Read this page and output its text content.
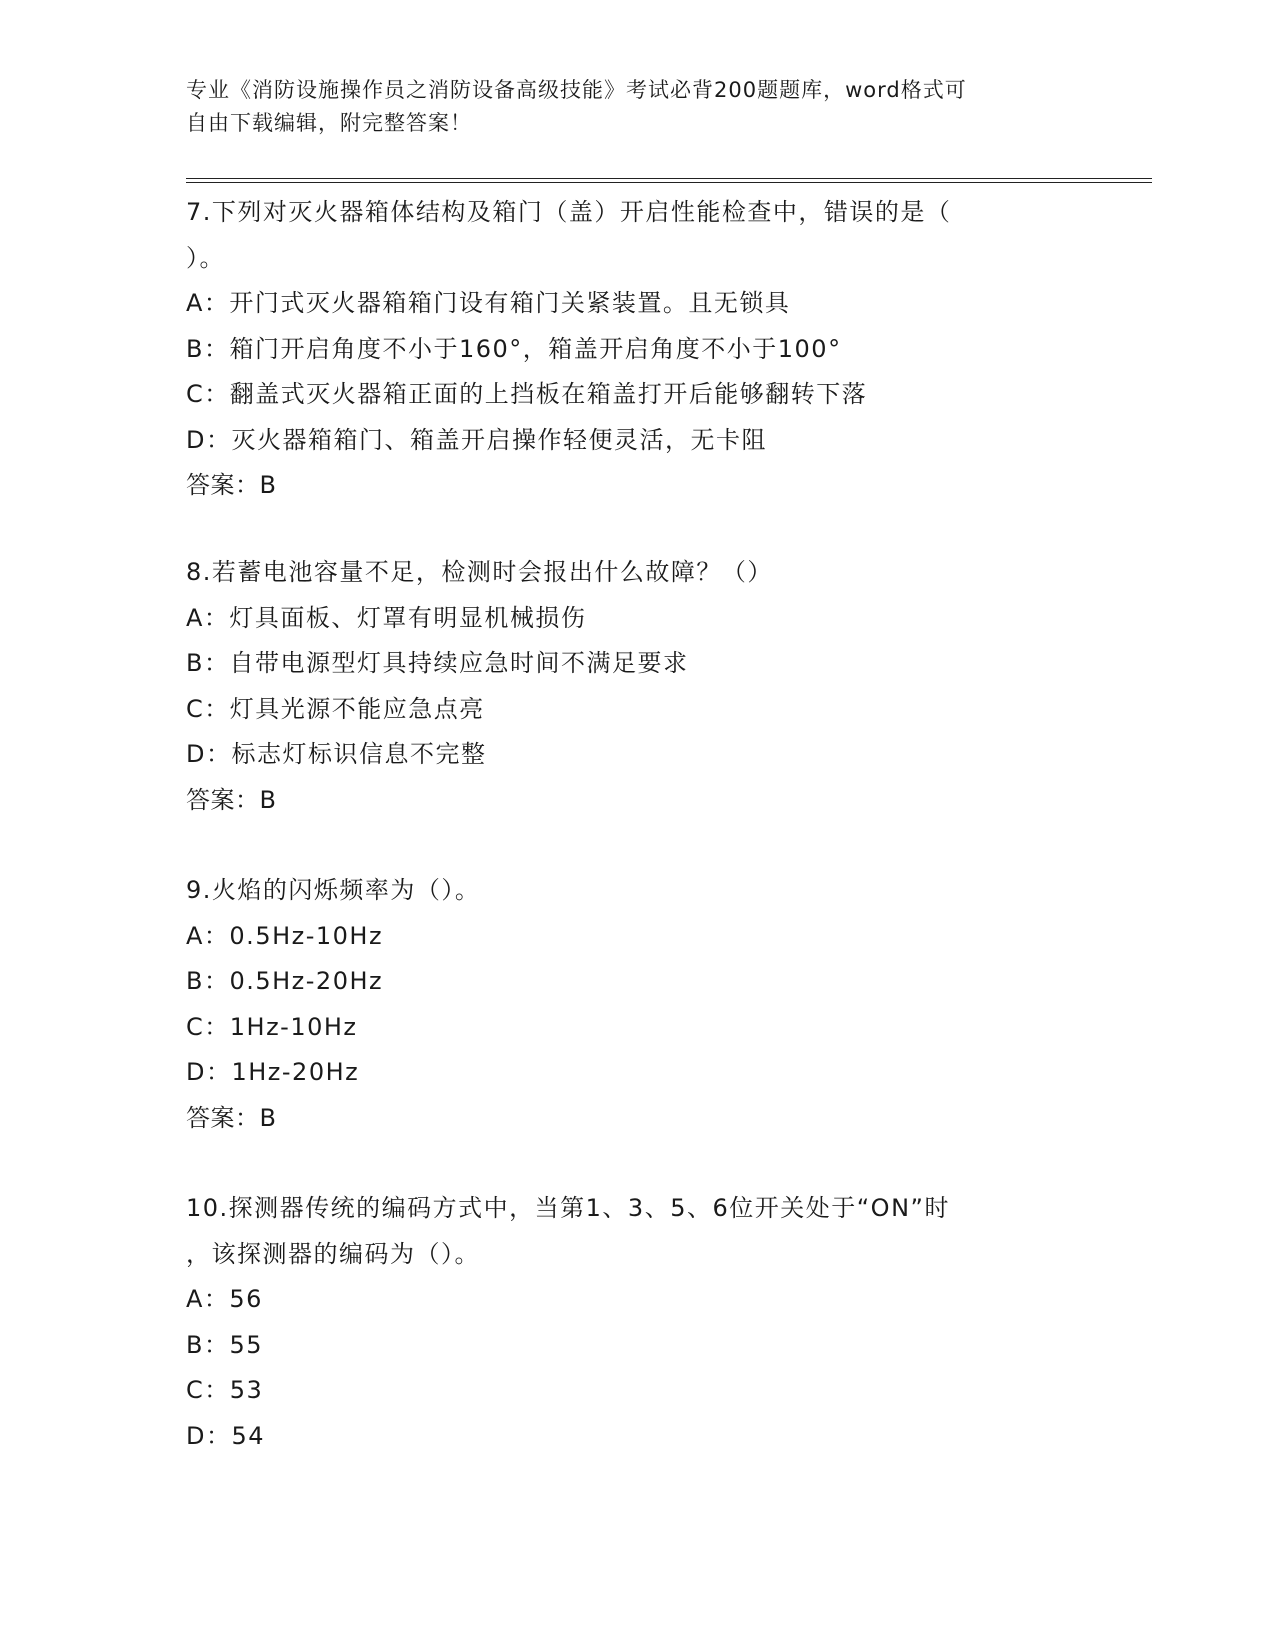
专业《消防设施操作员之消防设备高级技能》考试必背200题题库，word格式可
自由下载编辑，附完整答案！
7.下列对灭火器箱体结构及箱门（盖）开启性能检查中，错误的是（
）。
A：开门式灭火器箱箱门设有箱门关紧装置。且无锁具
B：箱门开启角度不小于160°，箱盖开启角度不小于100°
C：翻盖式灭火器箱正面的上挡板在箱盖打开后能够翻转下落
D：灭火器箱箱门、箱盖开启操作轻便灵活，无卡阻
答案：B
8.若蓄电池容量不足，检测时会报出什么故障？（）
A：灯具面板、灯罩有明显机械损伤
B：自带电源型灯具持续应急时间不满足要求
C：灯具光源不能应急点亮
D：标志灯标识信息不完整
答案：B
9.火焰的闪烁频率为（）。
A：0.5Hz-10Hz
B：0.5Hz-20Hz
C：1Hz-10Hz
D：1Hz-20Hz
答案：B
10.探测器传统的编码方式中，当第1、3、5、6位开关处于“ON”时
，该探测器的编码为（）。
A：56
B：55
C：53
D：54
